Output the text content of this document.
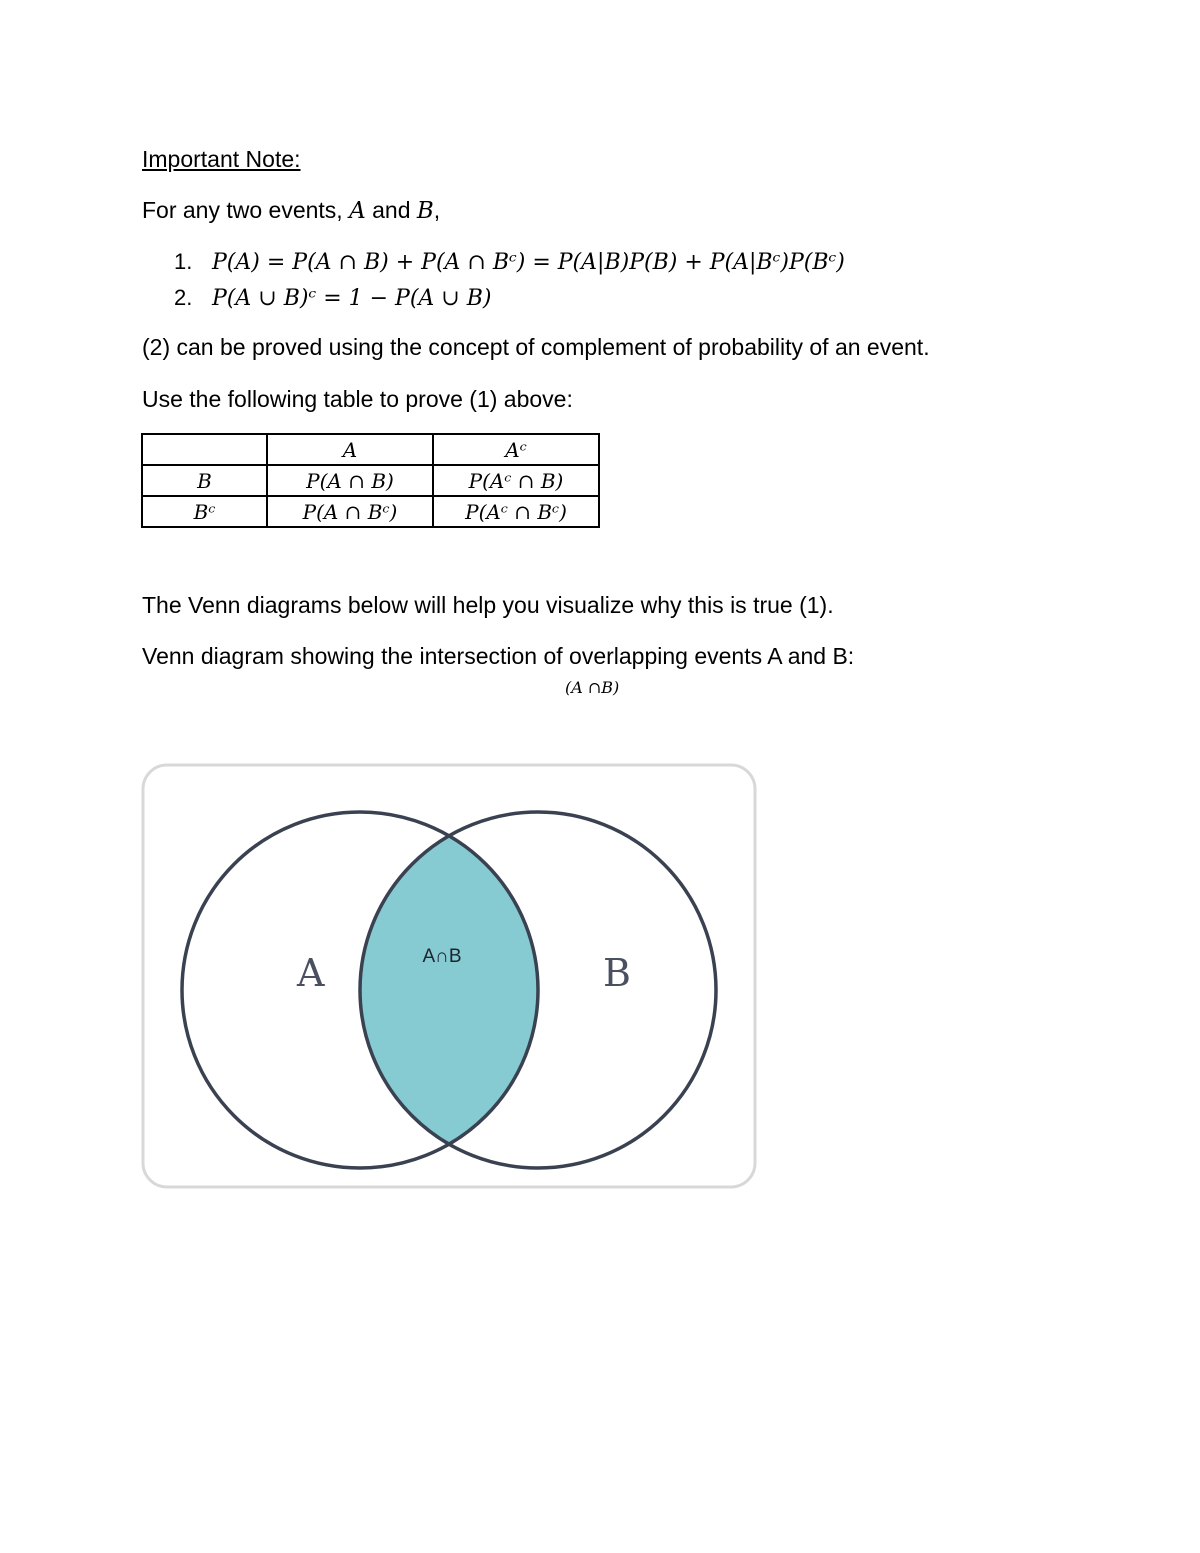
Important Note:
For any two events, A and B,
1. P(A) = P(A ∩ B) + P(A ∩ Bᶜ) = P(A|B)P(B) + P(A|Bᶜ)P(Bᶜ)
2. P(A ∪ B)ᶜ = 1 − P(A ∪ B)
(2) can be proved using the concept of complement of probability of an event.
Use the following table to prove (1) above:
	A	Aᶜ
B	P(A ∩ B)	P(Aᶜ ∩ B)
Bᶜ	P(A ∩ Bᶜ)	P(Aᶜ ∩ Bᶜ)
The Venn diagrams below will help you visualize why this is true (1).
Venn diagram showing the intersection of overlapping events A and B:
(A ∩B)
A	B
A∩B
